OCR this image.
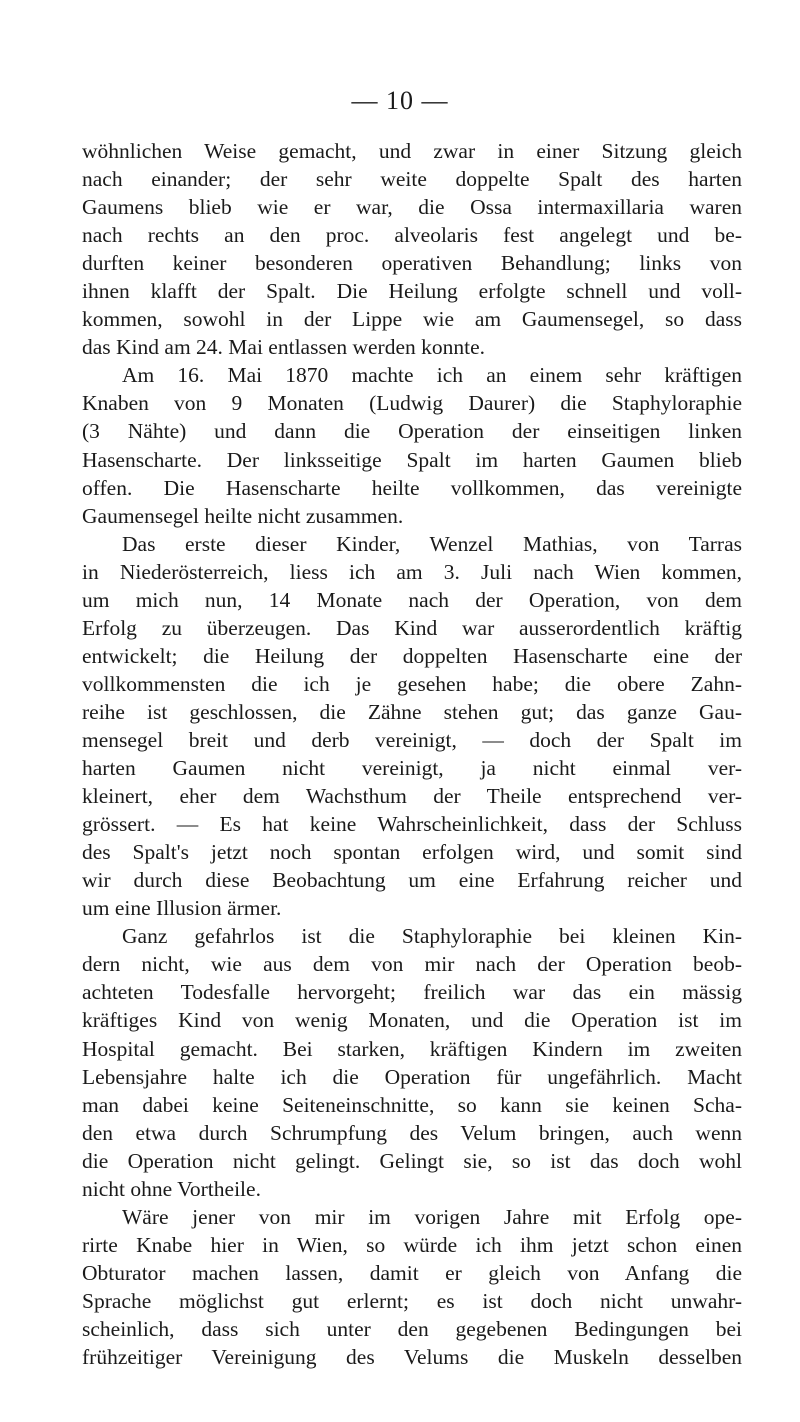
— 10 —
wöhnlichen Weise gemacht, und zwar in einer Sitzung gleich
nach einander; der sehr weite doppelte Spalt des harten
Gaumens blieb wie er war, die Ossa intermaxillaria waren
nach rechts an den proc. alveolaris fest angelegt und be-
durften keiner besonderen operativen Behandlung; links von
ihnen klafft der Spalt. Die Heilung erfolgte schnell und voll-
kommen, sowohl in der Lippe wie am Gaumensegel, so dass
das Kind am 24. Mai entlassen werden konnte.
Am 16. Mai 1870 machte ich an einem sehr kräftigen
Knaben von 9 Monaten (Ludwig Daurer) die Staphyloraphie
(3 Nähte) und dann die Operation der einseitigen linken
Hasenscharte. Der linksseitige Spalt im harten Gaumen blieb
offen. Die Hasenscharte heilte vollkommen, das vereinigte
Gaumensegel heilte nicht zusammen.
Das erste dieser Kinder, Wenzel Mathias, von Tarras
in Niederösterreich, liess ich am 3. Juli nach Wien kommen,
um mich nun, 14 Monate nach der Operation, von dem
Erfolg zu überzeugen. Das Kind war ausserordentlich kräftig
entwickelt; die Heilung der doppelten Hasenscharte eine der
vollkommensten die ich je gesehen habe; die obere Zahn-
reihe ist geschlossen, die Zähne stehen gut; das ganze Gau-
mensegel breit und derb vereinigt, — doch der Spalt im
harten Gaumen nicht vereinigt, ja nicht einmal ver-
kleinert, eher dem Wachsthum der Theile entsprechend ver-
grössert. — Es hat keine Wahrscheinlichkeit, dass der Schluss
des Spalt's jetzt noch spontan erfolgen wird, und somit sind
wir durch diese Beobachtung um eine Erfahrung reicher und
um eine Illusion ärmer.
Ganz gefahrlos ist die Staphyloraphie bei kleinen Kin-
dern nicht, wie aus dem von mir nach der Operation beob-
achteten Todesfalle hervorgeht; freilich war das ein mässig
kräftiges Kind von wenig Monaten, und die Operation ist im
Hospital gemacht. Bei starken, kräftigen Kindern im zweiten
Lebensjahre halte ich die Operation für ungefährlich. Macht
man dabei keine Seiteneinschnitte, so kann sie keinen Scha-
den etwa durch Schrumpfung des Velum bringen, auch wenn
die Operation nicht gelingt. Gelingt sie, so ist das doch wohl
nicht ohne Vortheile.
Wäre jener von mir im vorigen Jahre mit Erfolg ope-
rirte Knabe hier in Wien, so würde ich ihm jetzt schon einen
Obturator machen lassen, damit er gleich von Anfang die
Sprache möglichst gut erlernt; es ist doch nicht unwahr-
scheinlich, dass sich unter den gegebenen Bedingungen bei
frühzeitiger Vereinigung des Velums die Muskeln desselben
